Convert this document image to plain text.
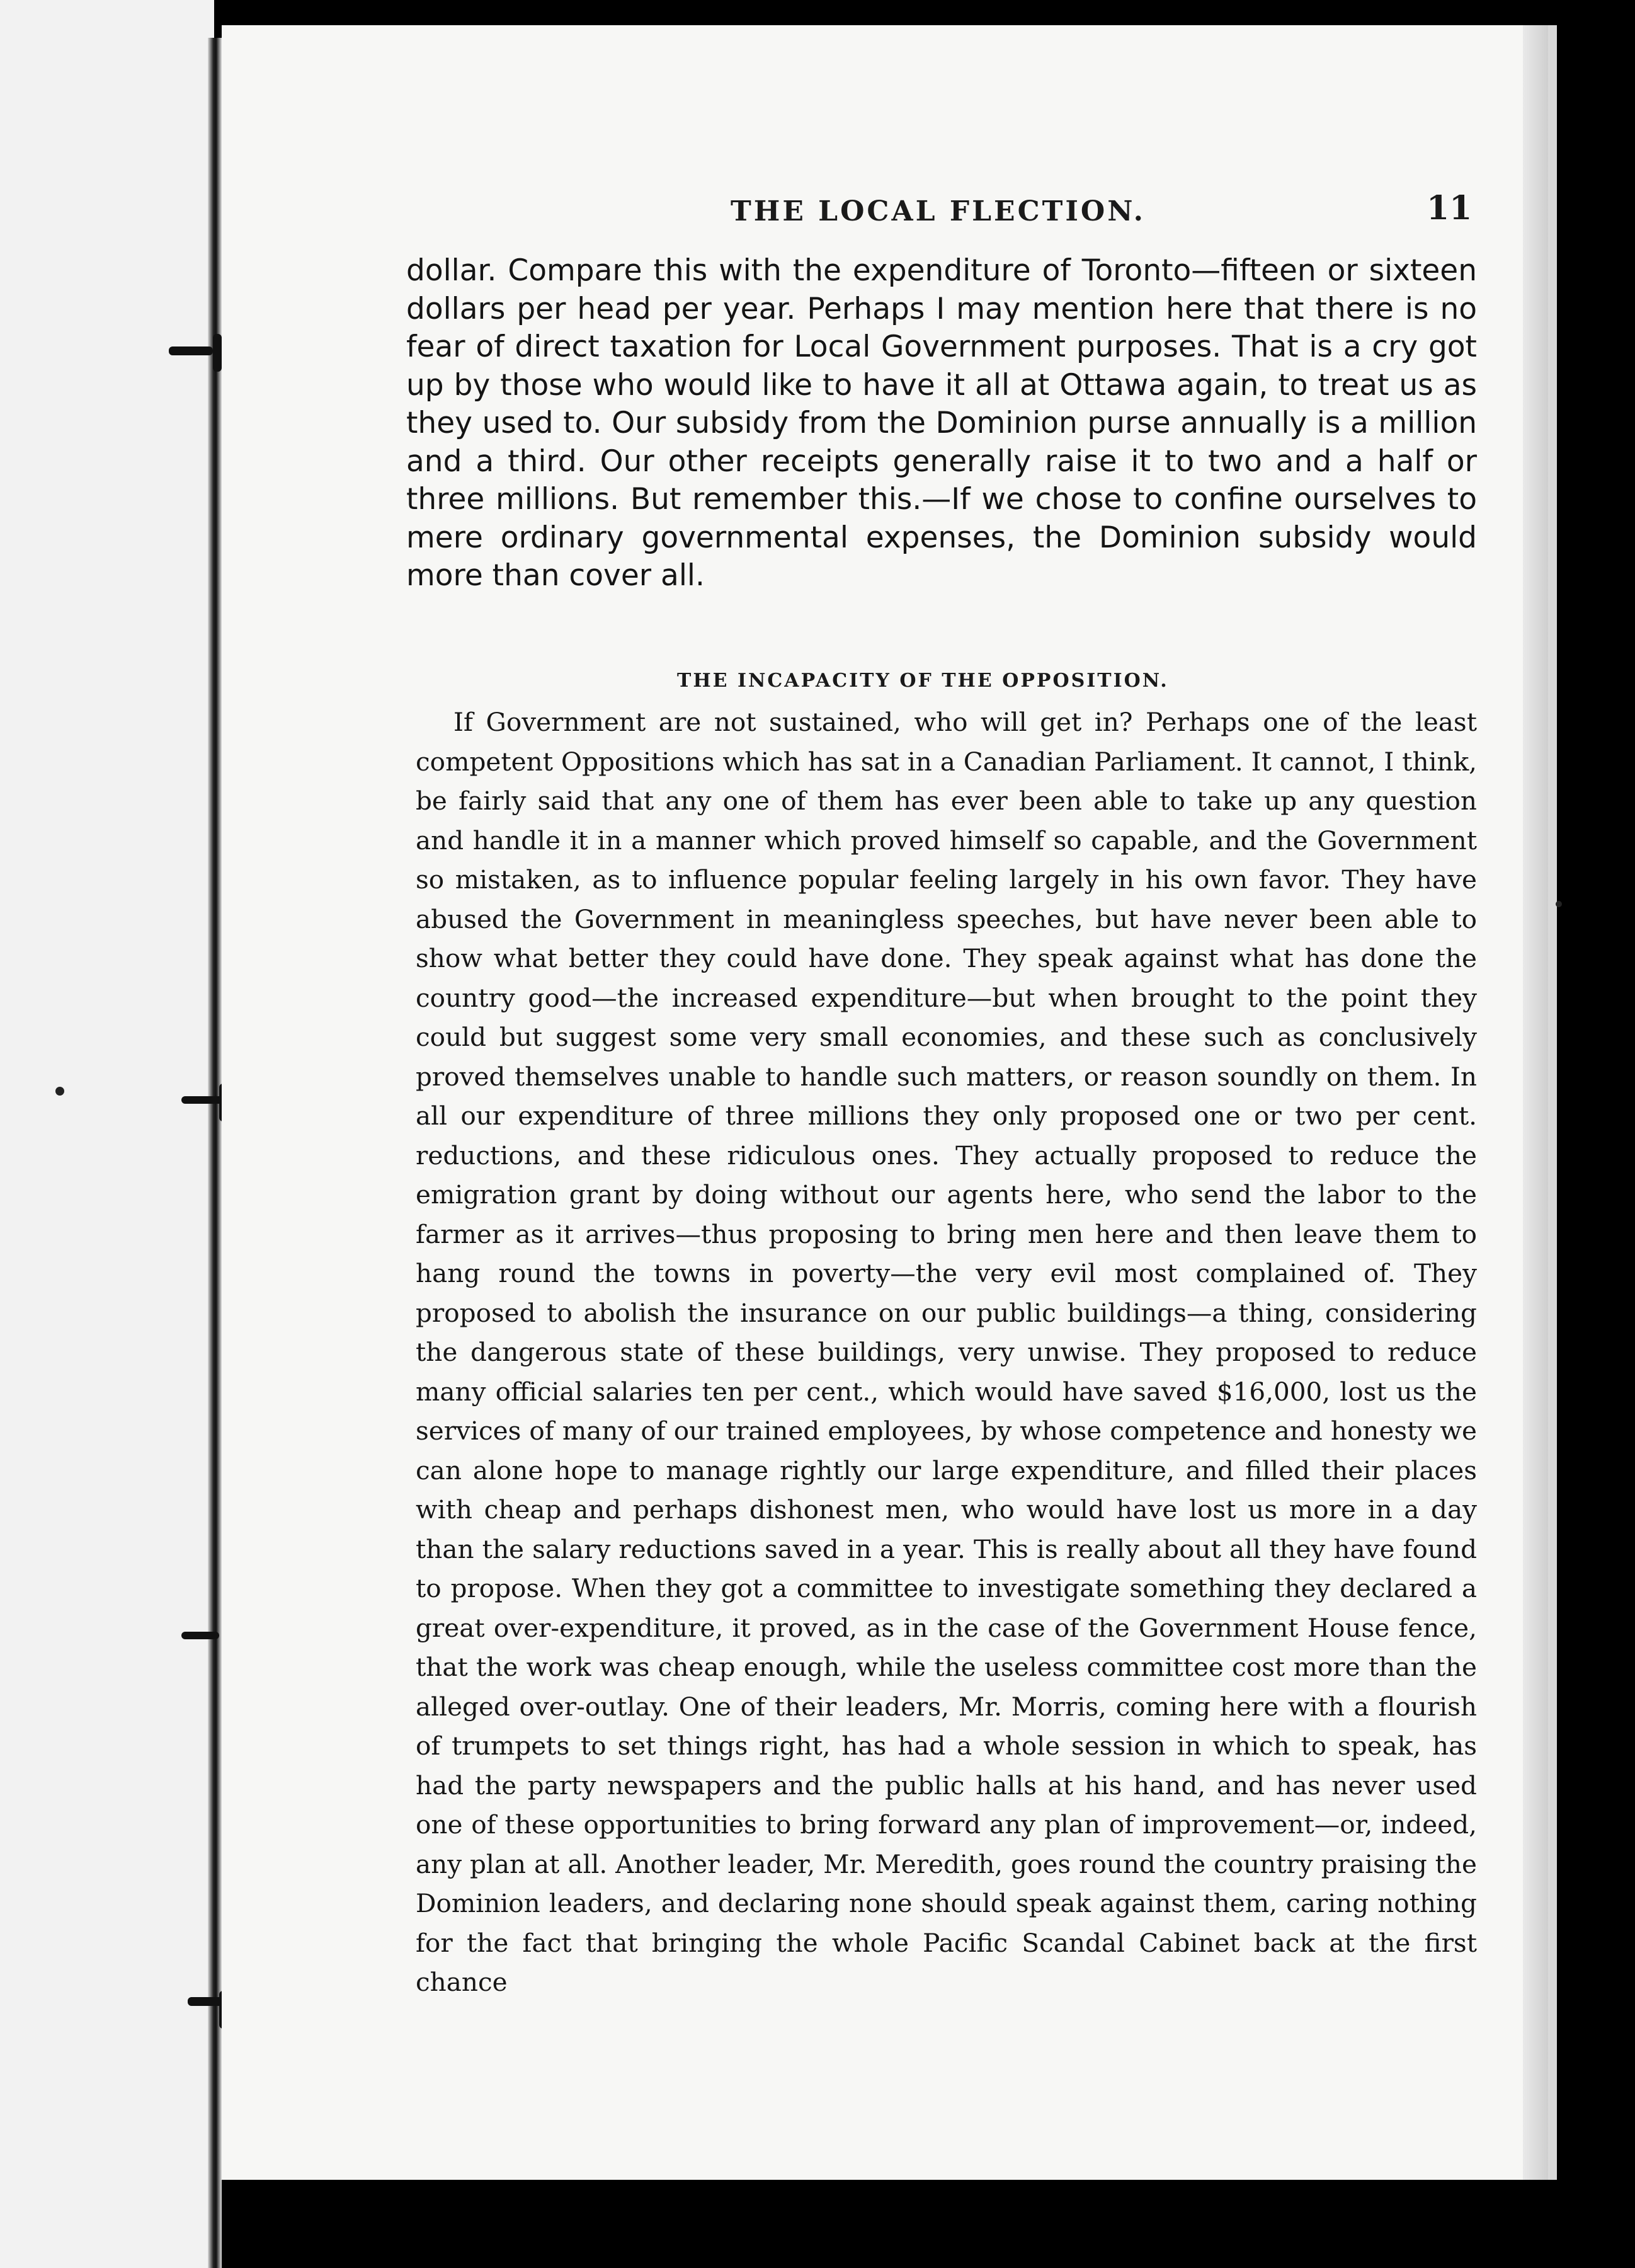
THE LOCAL FLECTION.	11

dollar. Compare this with the expenditure of Toronto—fifteen or sixteen dollars per head per year. Perhaps I may mention here that there is no fear of direct taxation for Local Government purposes. That is a cry got up by those who would like to have it all at Ottawa again, to treat us as they used to. Our subsidy from the Dominion purse annually is a million and a third. Our other receipts generally raise it to two and a half or three millions. But remember this.—If we chose to confine ourselves to mere ordinary governmental expenses, the Dominion subsidy would more than cover all.

THE INCAPACITY OF THE OPPOSITION.

If Government are not sustained, who will get in? Perhaps one of the least competent Oppositions which has sat in a Canadian Parliament. It cannot, I think, be fairly said that any one of them has ever been able to take up any question and handle it in a manner which proved himself so capable, and the Government so mistaken, as to influence popular feeling largely in his own favor. They have abused the Government in meaningless speeches, but have never been able to show what better they could have done. They speak against what has done the country good—the increased expenditure—but when brought to the point they could but suggest some very small economies, and these such as conclusively proved themselves unable to handle such matters, or reason soundly on them. In all our expenditure of three millions they only proposed one or two per cent. reductions, and these ridiculous ones. They actually proposed to reduce the emigration grant by doing without our agents here, who send the labor to the farmer as it arrives—thus proposing to bring men here and then leave them to hang round the towns in poverty—the very evil most complained of. They proposed to abolish the insurance on our public buildings—a thing, considering the dangerous state of these buildings, very unwise. They proposed to reduce many official salaries ten per cent., which would have saved $16,000, lost us the services of many of our trained employees, by whose competence and honesty we can alone hope to manage rightly our large expenditure, and filled their places with cheap and perhaps dishonest men, who would have lost us more in a day than the salary reductions saved in a year. This is really about all they have found to propose. When they got a committee to investigate something they declared a great over-expenditure, it proved, as in the case of the Government House fence, that the work was cheap enough, while the useless committee cost more than the alleged over-outlay. One of their leaders, Mr. Morris, coming here with a flourish of trumpets to set things right, has had a whole session in which to speak, has had the party newspapers and the public halls at his hand, and has never used one of these opportunities to bring forward any plan of improvement—or, indeed, any plan at all. Another leader, Mr. Meredith, goes round the country praising the Dominion leaders, and declaring none should speak against them, caring nothing for the fact that bringing the whole Pacific Scandal Cabinet back at the first chance
